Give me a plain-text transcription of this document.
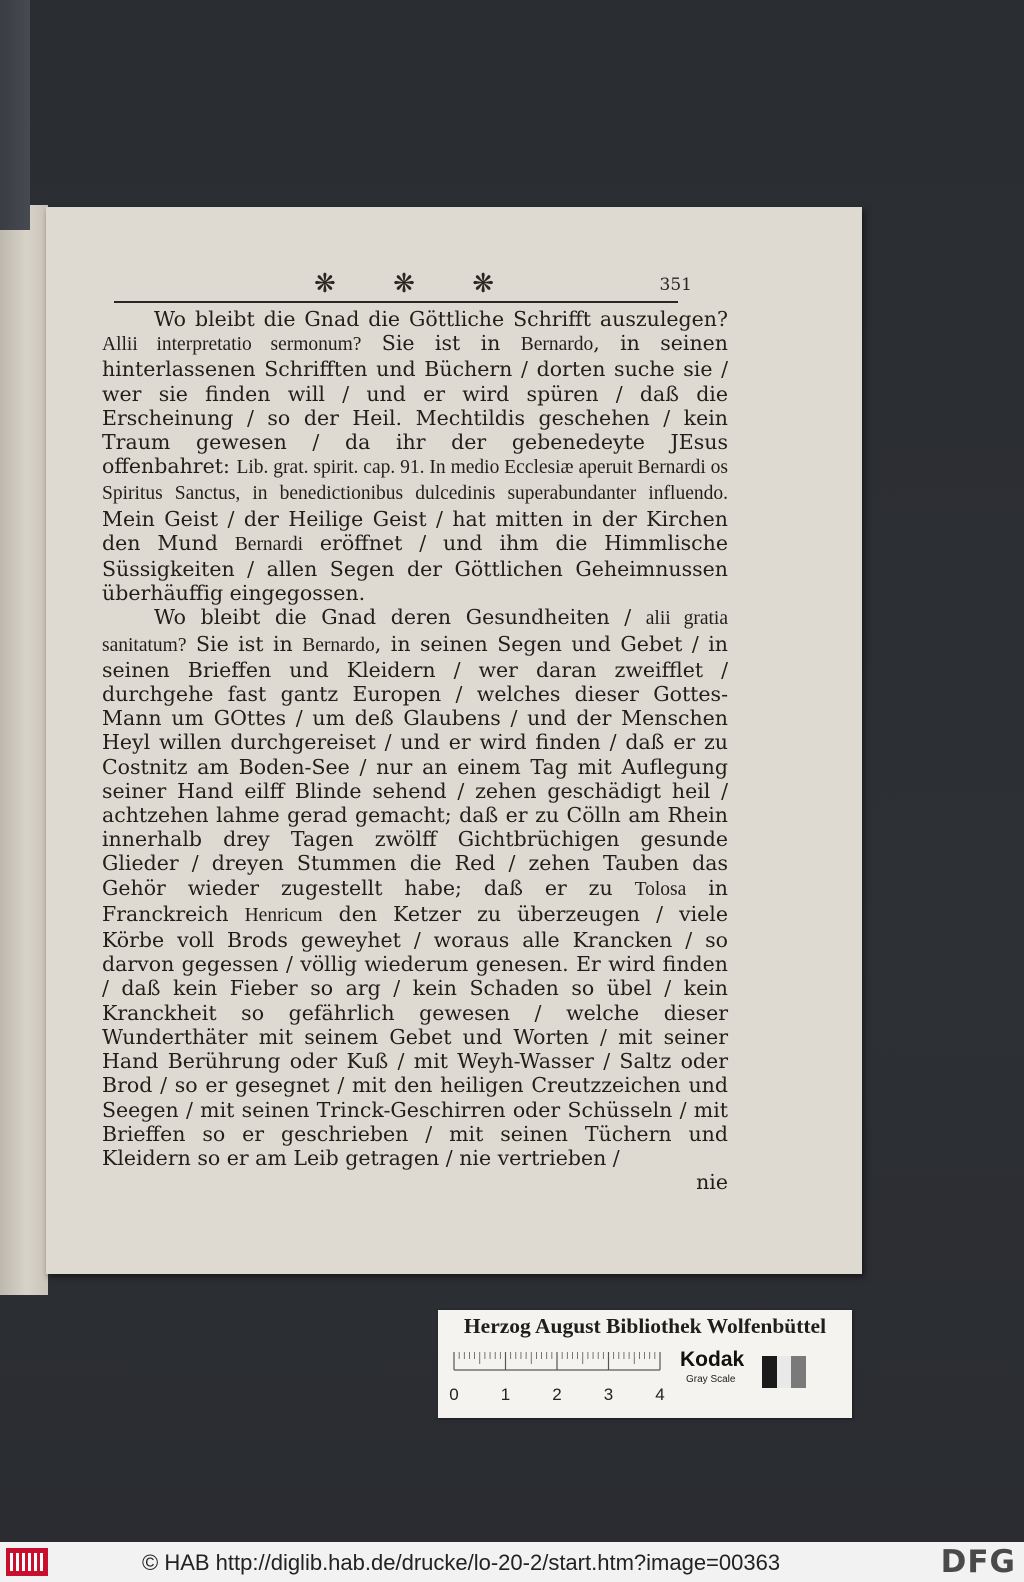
❋ ❋ ❋	351

Wo bleibt die Gnad die Göttliche Schrifft auszulegen? Allii interpretatio sermonum? Sie ist in Bernardo, in seinen hinterlassenen Schrifften und Büchern / dorten suche sie / wer sie finden will / und er wird spüren / daß die Erscheinung / so der Heil. Mechtildis geschehen / kein Traum gewesen / da ihr der gebenedeyte JEsus offenbahret: Lib. grat. spirit. cap. 91. In medio Ecclesiæ aperuit Bernardi os Spiritus Sanctus, in benedictionibus dulcedinis superabundanter influendo. Mein Geist / der Heilige Geist / hat mitten in der Kirchen den Mund Bernardi eröffnet / und ihm die Himmlische Süssigkeiten / allen Segen der Göttlichen Geheimnussen überhäuffig eingegossen.

Wo bleibt die Gnad deren Gesundheiten / alii gratia sanitatum? Sie ist in Bernardo, in seinen Segen und Gebet / in seinen Brieffen und Kleidern / wer daran zweifflet / durchgehe fast gantz Europen / welches dieser Gottes-Mann um GOttes / um deß Glaubens / und der Menschen Heyl willen durchgereiset / und er wird finden / daß er zu Costnitz am Boden-See / nur an einem Tag mit Auflegung seiner Hand eilff Blinde sehend / zehen geschädigt heil / achtzehen lahme gerad gemacht; daß er zu Cölln am Rhein innerhalb drey Tagen zwölff Gichtbrüchigen gesunde Glieder / dreyen Stummen die Red / zehen Tauben das Gehör wieder zugestellt habe; daß er zu Tolosa in Franckreich Henricum den Ketzer zu überzeugen / viele Körbe voll Brods geweyhet / woraus alle Krancken / so darvon gegessen / völlig wiederum genesen. Er wird finden / daß kein Fieber so arg / kein Schaden so übel / kein Kranckheit so gefährlich gewesen / welche dieser Wunderthäter mit seinem Gebet und Worten / mit seiner Hand Berührung oder Kuß / mit Weyh-Wasser / Saltz oder Brod / so er gesegnet / mit den heiligen Creutzzeichen und Seegen / mit seinen Trinck-Geschirren oder Schüsseln / mit Brieffen so er geschrieben / mit seinen Tüchern und Kleidern so er am Leib getragen / nie vertrieben /

nie
Herzog August Bibliothek Wolfenbüttel
0 1 2 3 4
Kodak
Gray Scale
© HAB http://diglib.hab.de/drucke/lo-20-2/start.htm?image=00363	DFG
